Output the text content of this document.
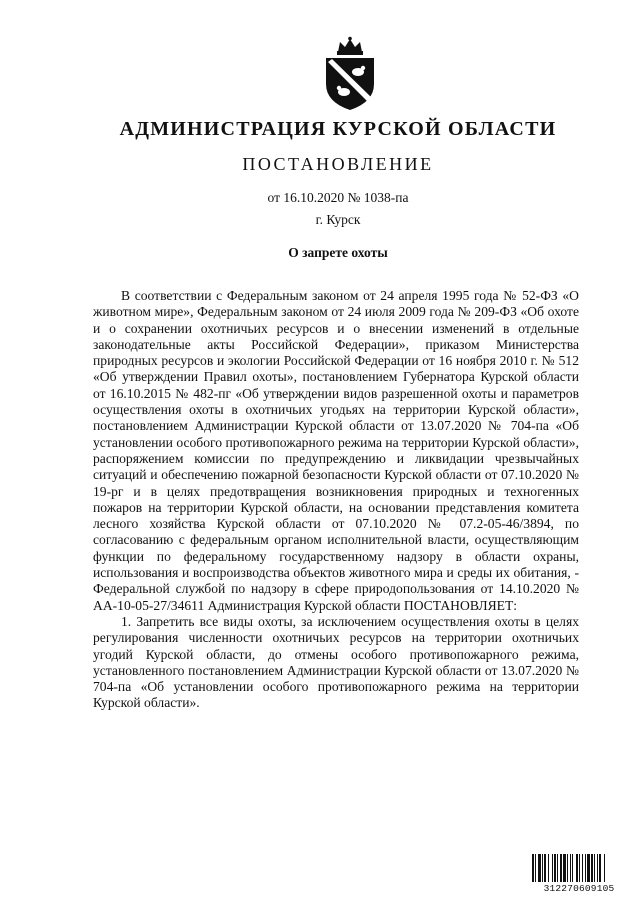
АДМИНИСТРАЦИЯ КУРСКОЙ ОБЛАСТИ
ПОСТАНОВЛЕНИЕ
от 16.10.2020 № 1038-па
г. Курск
О запрете охоты

В соответствии с Федеральным законом от 24 апреля 1995 года № 52-ФЗ «О животном мире», Федеральным законом от 24 июля 2009 года № 209-ФЗ «Об охоте и о сохранении охотничьих ресурсов и о внесении изменений в отдельные законодательные акты Российской Федерации», приказом Министерства природных ресурсов и экологии Российской Федерации от 16 ноября 2010 г. № 512 «Об утверждении Правил охоты», постановлением Губернатора Курской области от 16.10.2015 № 482-пг «Об утверждении видов разрешенной охоты и параметров осуществления охоты в охотничьих угодьях на территории Курской области», постановлением Администрации Курской области от 13.07.2020 № 704-па «Об установлении особого противопожарного режима на территории Курской области», распоряжением комиссии по предупреждению и ликвидации чрезвычайных ситуаций и обеспечению пожарной безопасности Курской области от 07.10.2020 № 19-рг и в целях предотвращения возникновения природных и техногенных пожаров на территории Курской области, на основании представления комитета лесного хозяйства Курской области от 07.10.2020 № 07.2-05-46/3894, по согласованию с федеральным органом исполнительной власти, осуществляющим функции по федеральному государственному надзору в области охраны, использования и воспроизводства объектов животного мира и среды их обитания, - Федеральной службой по надзору в сфере природопользования от 14.10.2020 № АА-10-05-27/34611 Администрация Курской области ПОСТАНОВЛЯЕТ:

1. Запретить все виды охоты, за исключением осуществления охоты в целях регулирования численности охотничьих ресурсов на территории охотничьих угодий Курской области, до отмены особого противопожарного режима, установленного постановлением Администрации Курской области от 13.07.2020 № 704-па «Об установлении особого противопожарного режима на территории Курской области».

312270609105
